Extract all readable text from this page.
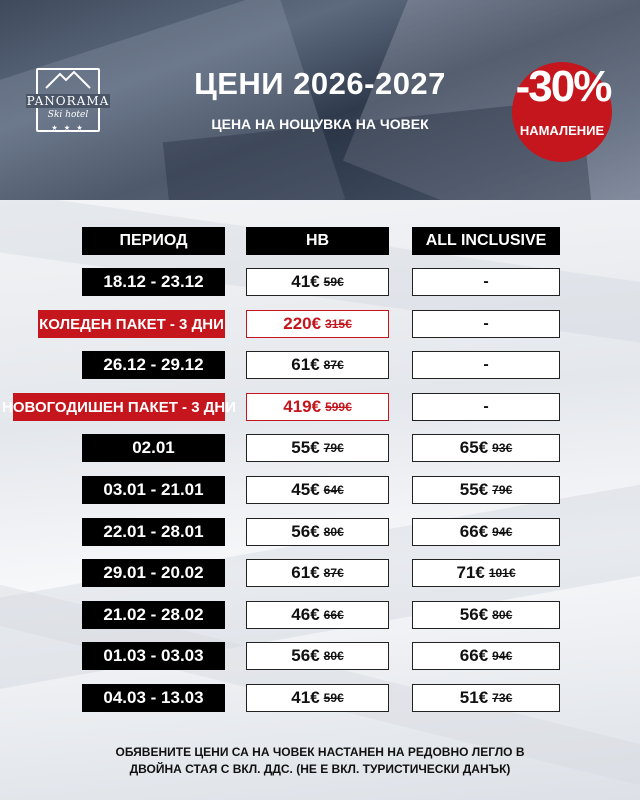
PANORAMA
Ski hotel
★ ★ ★
ЦЕНИ 2026-2027
ЦЕНА НА НОЩУВКА НА ЧОВЕК
-30%
НАМАЛЕНИЕ
ПЕРИОД	HB	ALL INCLUSIVE
18.12 - 23.12	41€ 59€	-
КОЛЕДЕН ПАКЕТ - 3 ДНИ	220€ 315€	-
26.12 - 29.12	61€ 87€	-
НОВОГОДИШЕН ПАКЕТ - 3 ДНИ	419€ 599€	-
02.01	55€ 79€	65€ 93€
03.01 - 21.01	45€ 64€	55€ 79€
22.01 - 28.01	56€ 80€	66€ 94€
29.01 - 20.02	61€ 87€	71€ 101€
21.02 - 28.02	46€ 66€	56€ 80€
01.03 - 03.03	56€ 80€	66€ 94€
04.03 - 13.03	41€ 59€	51€ 73€
ОБЯВЕНИТЕ ЦЕНИ СА НА ЧОВЕК НАСТАНЕН НА РЕДОВНО ЛЕГЛО В
ДВОЙНА СТАЯ С ВКЛ. ДДС. (НЕ Е ВКЛ. ТУРИСТИЧЕСКИ ДАНЪК)
